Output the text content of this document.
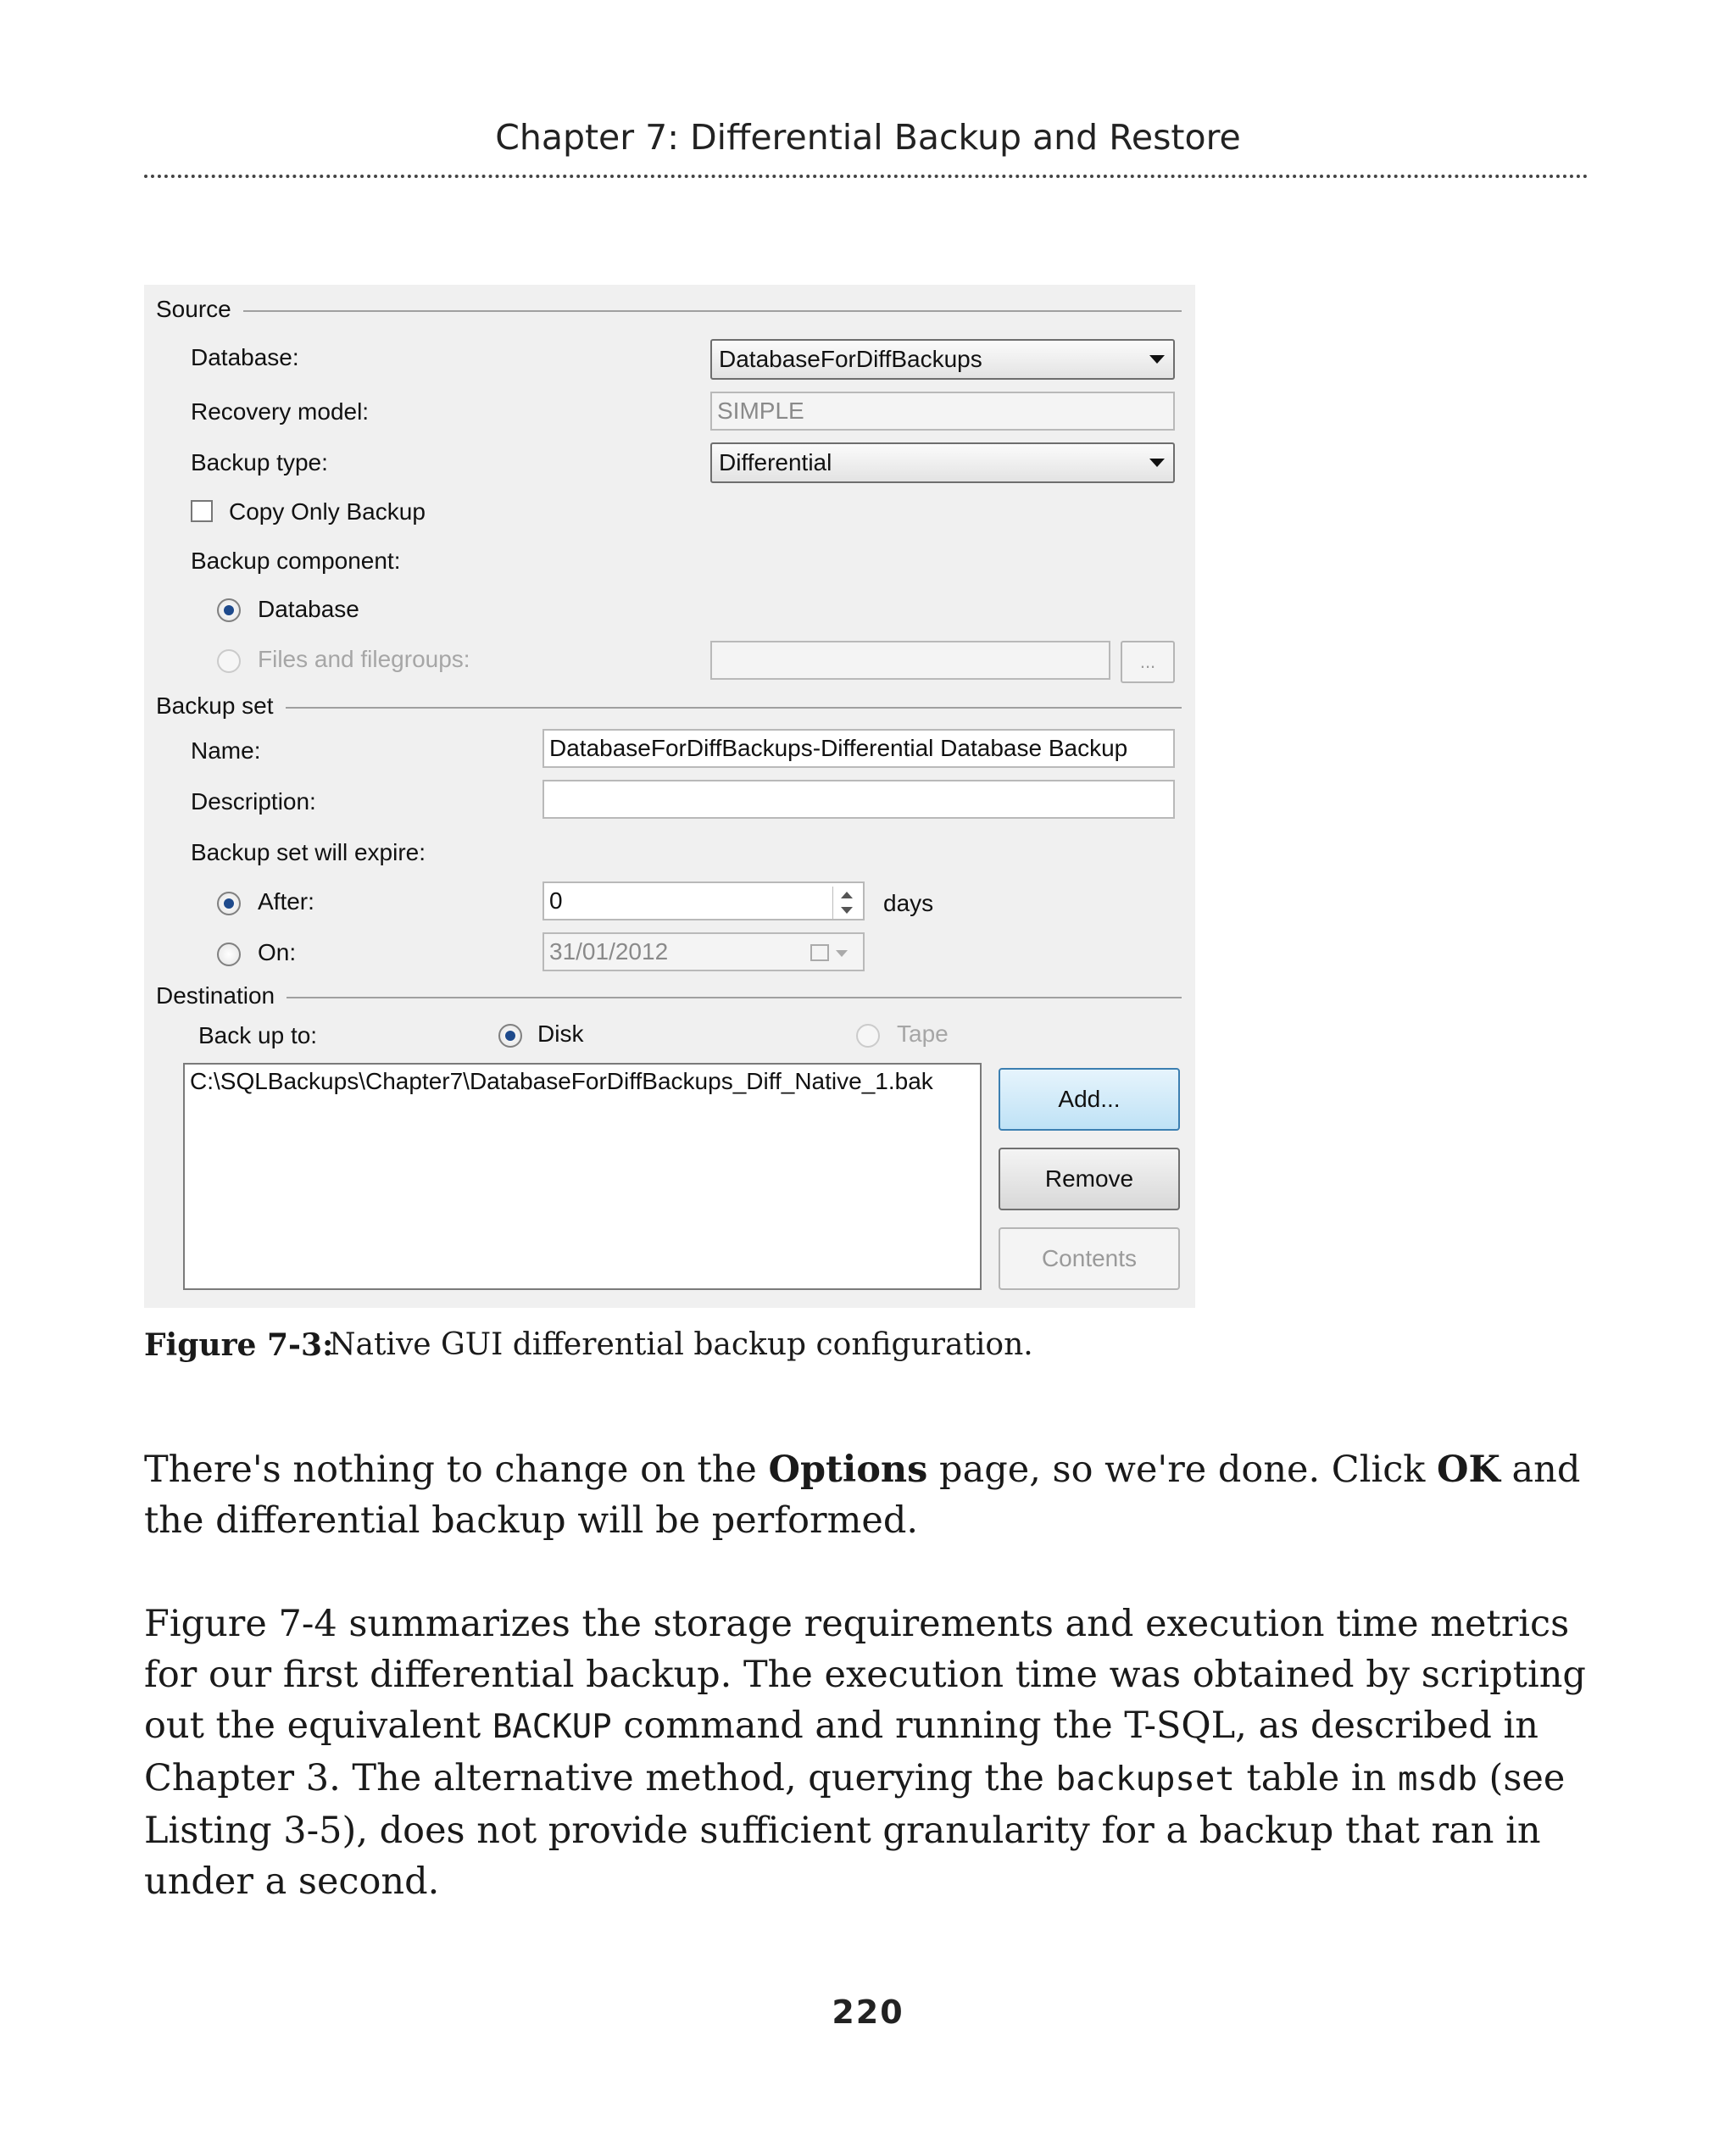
Chapter 7: Differential Backup and Restore
Source
Database:	DatabaseForDiffBackups
Recovery model:	SIMPLE
Backup type:	Differential
Copy Only Backup
Backup component:
Database
Files and filegroups:	...
Backup set
Name:	DatabaseForDiffBackups-Differential Database Backup
Description:
Backup set will expire:
After:	0	days
On:	31/01/2012
Destination
Back up to:	Disk	Tape
C:\SQLBackups\Chapter7\DatabaseForDiffBackups_Diff_Native_1.bak
Add...
Remove
Contents
Figure 7-3:
Native GUI differential backup configuration.
There's nothing to change on the Options page, so we're done. Click OK and the differential backup will be performed.
Figure 7-4 summarizes the storage requirements and execution time metrics for our first differential backup. The execution time was obtained by scripting out the equivalent BACKUP command and running the T-SQL, as described in Chapter 3. The alternative method, querying the backupset table in msdb (see Listing 3-5), does not provide sufficient granularity for a backup that ran in under a second.
220
